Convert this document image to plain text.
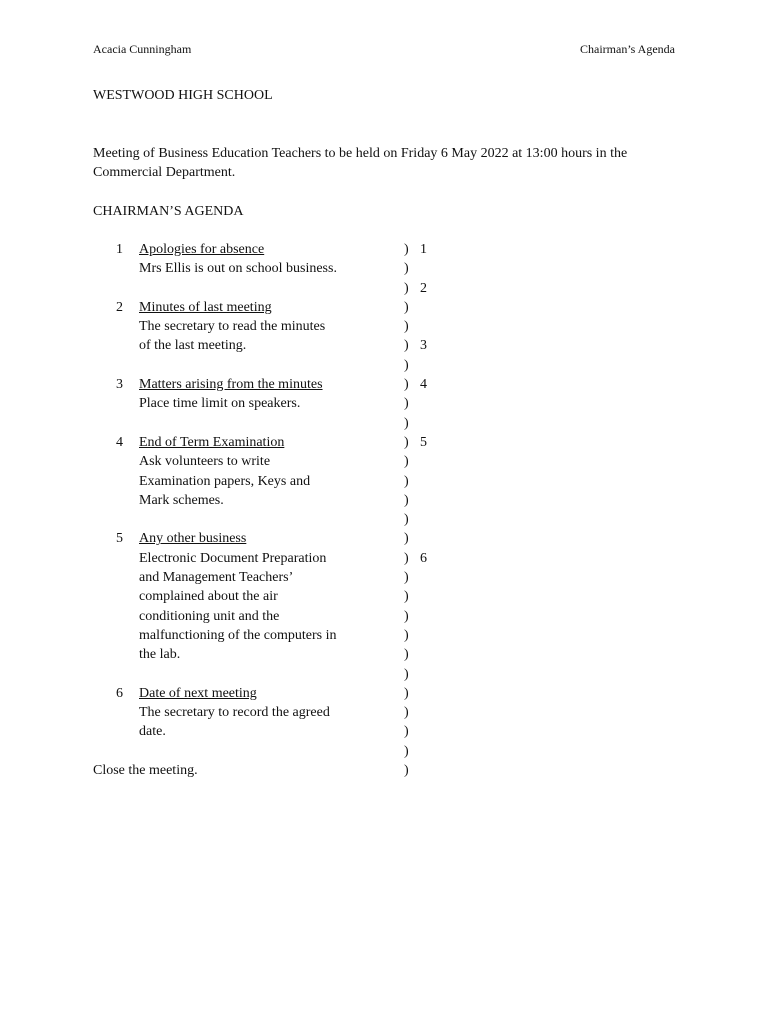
Acacia Cunningham	Chairman’s Agenda
WESTWOOD HIGH SCHOOL
Meeting of Business Education Teachers to be held on Friday 6 May 2022 at 13:00 hours in the Commercial Department.
CHAIRMAN’S AGENDA
1 Apologies for absence	) 1
Mrs Ellis is out on school business.	)
) 2
2 Minutes of last meeting	)
The secretary to read the minutes	)
of the last meeting.	) 3
)
3 Matters arising from the minutes	) 4
Place time limit on speakers.	)
)
4 End of Term Examination	) 5
Ask volunteers to write	)
Examination papers, Keys and	)
Mark schemes.	)
)
5 Any other business	)
Electronic Document Preparation	) 6
and Management Teachers’	)
complained about the air	)
conditioning unit and the	)
malfunctioning of the computers in	)
the lab.	)
)
6 Date of next meeting	)
The secretary to record the agreed	)
date.	)
)
Close the meeting.	)
